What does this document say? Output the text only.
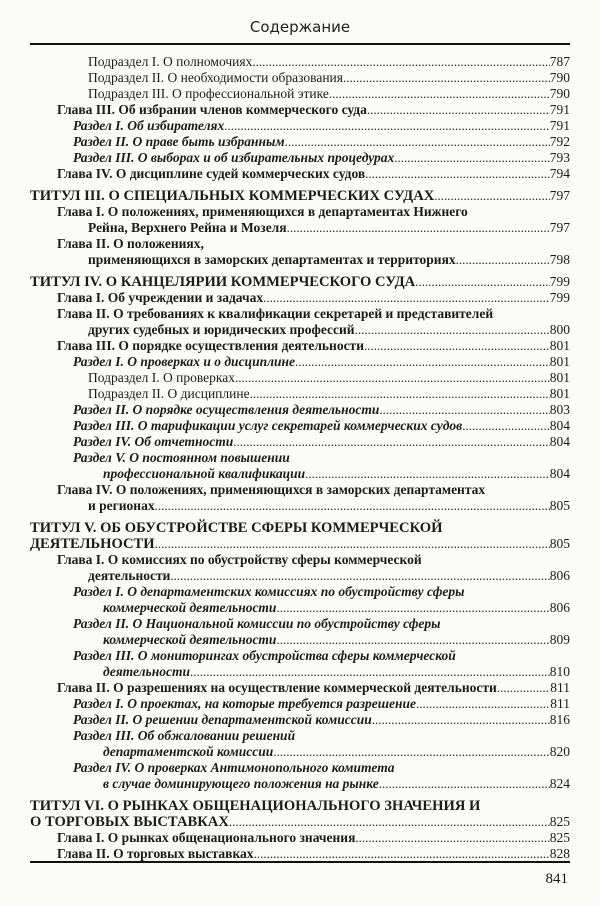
Содержание
Подраздел I. О полномочиях .....	787
Подраздел II. О необходимости образования .....	790
Подраздел III. О профессиональной этике .....	790
Глава III. Об избрании членов коммерческого суда .....	791
Раздел I. Об избирателях .....	791
Раздел II. О праве быть избранным .....	792
Раздел III. О выборах и об избирательных процедурах .....	793
Глава IV. О дисциплине судей коммерческих судов .....	794
ТИТУЛ III. О СПЕЦИАЛЬНЫХ КОММЕРЧЕСКИХ СУДАХ .....	797
Глава I. О положениях, применяющихся в департаментах Нижнего
Рейна, Верхнего Рейна и Мозеля .....	797
Глава II. О положениях,
применяющихся в заморских департаментах и территориях .....	798
ТИТУЛ IV. О КАНЦЕЛЯРИИ КОММЕРЧЕСКОГО СУДА .....	799
Глава I. Об учреждении и задачах .....	799
Глава II. О требованиях к квалификации секретарей и представителей
других судебных и юридических профессий .....	800
Глава III. О порядке осуществления деятельности .....	801
Раздел I. О проверках и о дисциплине .....	801
Подраздел I. О проверках .....	801
Подраздел II. О дисциплине .....	801
Раздел II. О порядке осуществления деятельности .....	803
Раздел III. О тарификации услуг секретарей коммерческих судов .....	804
Раздел IV. Об отчетности .....	804
Раздел V. О постоянном повышении
профессиональной квалификации .....	804
Глава IV. О положениях, применяющихся в заморских департаментах
и регионах .....	805
ТИТУЛ V. ОБ ОБУСТРОЙСТВЕ СФЕРЫ КОММЕРЧЕСКОЙ
ДЕЯТЕЛЬНОСТИ .....	805
Глава I. О комиссиях по обустройству сферы коммерческой
деятельности .....	806
Раздел I. О департаментских комиссиях по обустройству сферы
коммерческой деятельности .....	806
Раздел II. О Национальной комиссии по обустройству сферы
коммерческой деятельности .....	809
Раздел III. О мониторингах обустройства сферы коммерческой
деятельности .....	810
Глава II. О разрешениях на осуществление коммерческой деятельности .....	811
Раздел I. О проектах, на которые требуется разрешение .....	811
Раздел II. О решении департаментской комиссии .....	816
Раздел III. Об обжаловании решений
департаментской комиссии .....	820
Раздел IV. О проверках Антимонопольного комитета
в случае доминирующего положения на рынке .....	824
ТИТУЛ VI. О РЫНКАХ ОБЩЕНАЦИОНАЛЬНОГО ЗНАЧЕНИЯ И
О ТОРГОВЫХ ВЫСТАВКАХ .....	825
Глава I. О рынках общенационального значения .....	825
Глава II. О торговых выставках .....	828
841
